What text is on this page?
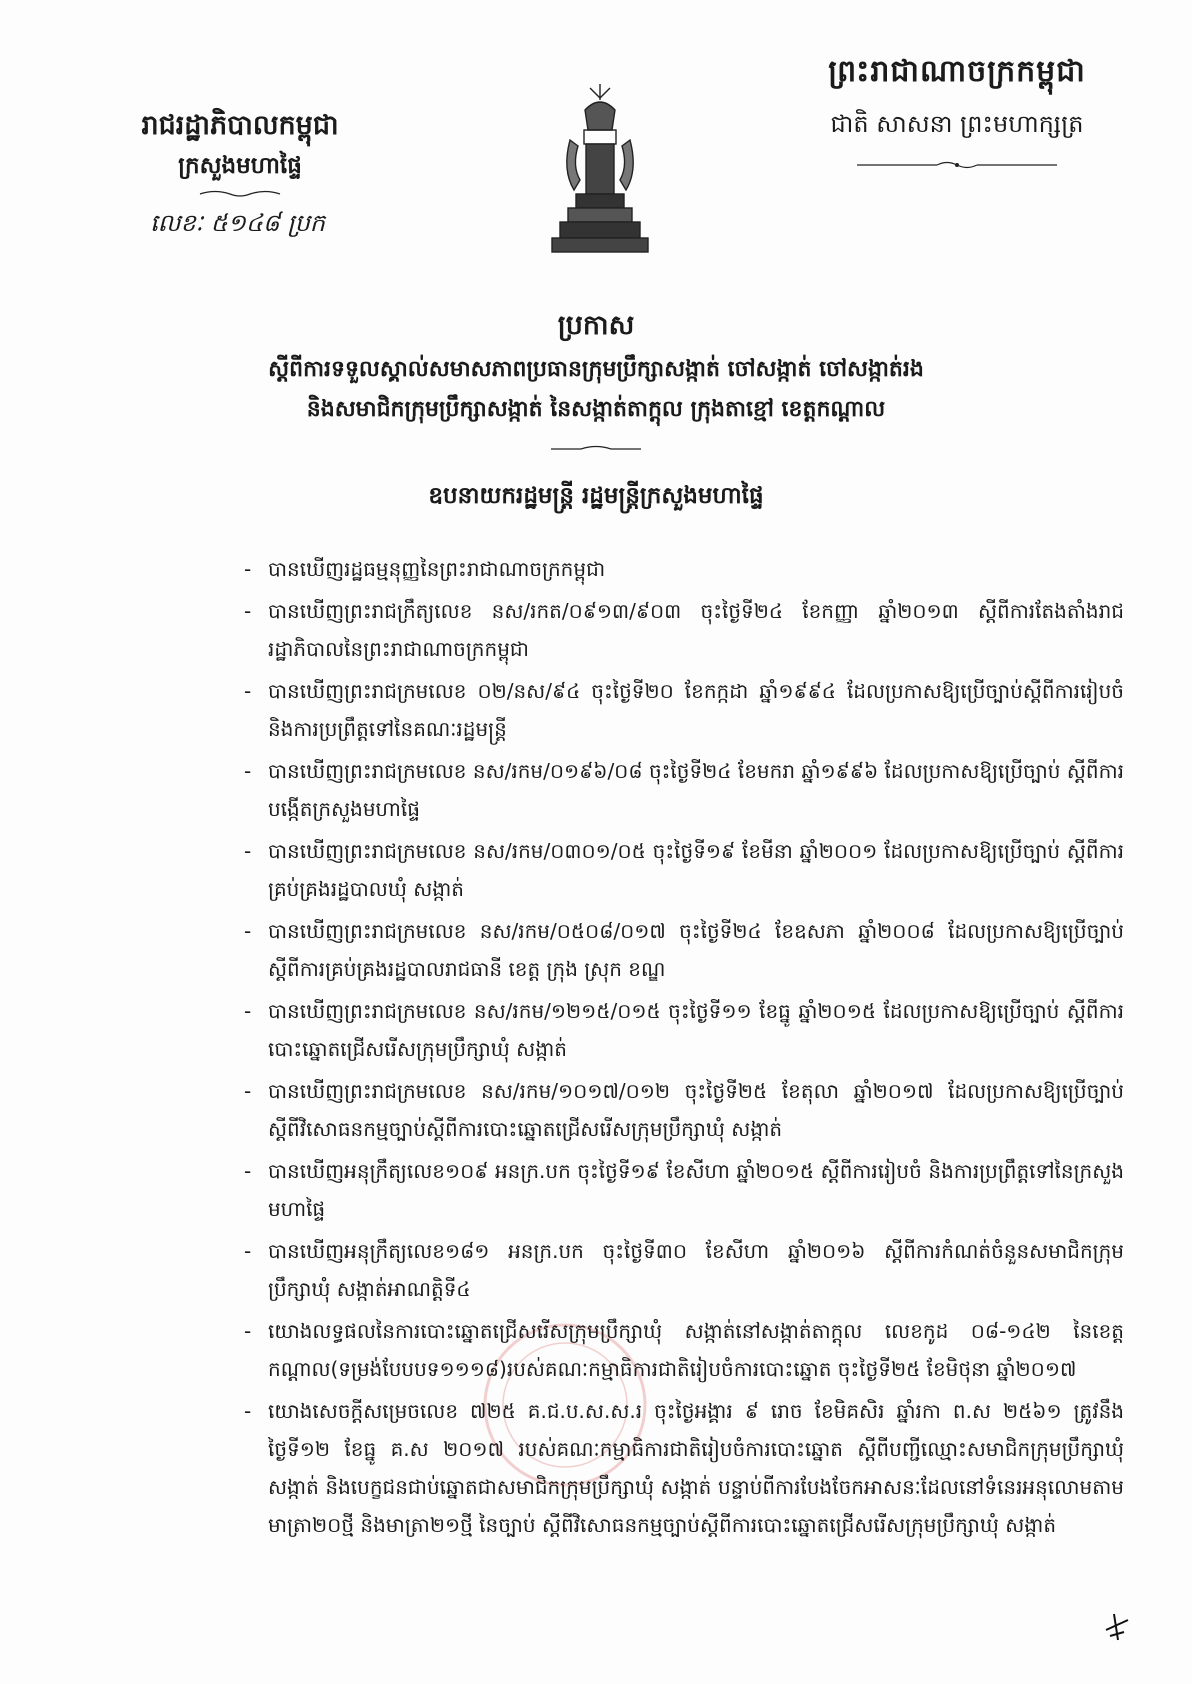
ព្រះរាជាណាចក្រកម្ពុជា
ជាតិ សាសនា ព្រះមហាក្សត្រ
រាជរដ្ឋាភិបាលកម្ពុជា
ក្រសួងមហាផ្ទៃ
លេខៈ ៥១៤៨ ប្រក
ប្រកាស
ស្តីពីការទទួលស្គាល់សមាសភាពប្រធានក្រុមប្រឹក្សាសង្កាត់ ចៅសង្កាត់ ចៅសង្កាត់រង
និងសមាជិកក្រុមប្រឹក្សាសង្កាត់ នៃសង្កាត់តាក្តុល ក្រុងតាខ្មៅ ខេត្តកណ្តាល
ឧបនាយករដ្ឋមន្ត្រី រដ្ឋមន្ត្រីក្រសួងមហាផ្ទៃ
- បានឃើញរដ្ឋធម្មនុញ្ញនៃព្រះរាជាណាចក្រកម្ពុជា
- បានឃើញព្រះរាជក្រឹត្យលេខ នស/រកត/០៩១៣/៩០៣ ចុះថ្ងៃទី២៤ ខែកញ្ញា ឆ្នាំ២០១៣ ស្តីពីការតែងតាំងរាជរដ្ឋាភិបាលនៃព្រះរាជាណាចក្រកម្ពុជា
- បានឃើញព្រះរាជក្រមលេខ ០២/នស/៩៤ ចុះថ្ងៃទី២០ ខែកក្កដា ឆ្នាំ១៩៩៤ ដែលប្រកាសឱ្យប្រើច្បាប់ស្តីពីការរៀបចំ និងការប្រព្រឹត្តទៅនៃគណៈរដ្ឋមន្ត្រី
- បានឃើញព្រះរាជក្រមលេខ នស/រកម/០១៩៦/០៨ ចុះថ្ងៃទី២៤ ខែមករា ឆ្នាំ១៩៩៦ ដែលប្រកាសឱ្យប្រើច្បាប់ ស្តីពីការបង្កើតក្រសួងមហាផ្ទៃ
- បានឃើញព្រះរាជក្រមលេខ នស/រកម/០៣០១/០៥ ចុះថ្ងៃទី១៩ ខែមីនា ឆ្នាំ២០០១ ដែលប្រកាសឱ្យប្រើច្បាប់ ស្តីពីការគ្រប់គ្រងរដ្ឋបាលឃុំ សង្កាត់
- បានឃើញព្រះរាជក្រមលេខ នស/រកម/០៥០៨/០១៧ ចុះថ្ងៃទី២៤ ខែឧសភា ឆ្នាំ២០០៨ ដែលប្រកាសឱ្យប្រើច្បាប់ ស្តីពីការគ្រប់គ្រងរដ្ឋបាលរាជធានី ខេត្ត ក្រុង ស្រុក ខណ្ឌ
- បានឃើញព្រះរាជក្រមលេខ នស/រកម/១២១៥/០១៥ ចុះថ្ងៃទី១១ ខែធ្នូ ឆ្នាំ២០១៥ ដែលប្រកាសឱ្យប្រើច្បាប់ ស្តីពីការបោះឆ្នោតជ្រើសរើសក្រុមប្រឹក្សាឃុំ សង្កាត់
- បានឃើញព្រះរាជក្រមលេខ នស/រកម/១០១៧/០១២ ចុះថ្ងៃទី២៥ ខែតុលា ឆ្នាំ២០១៧ ដែលប្រកាសឱ្យប្រើច្បាប់ ស្តីពីវិសោធនកម្មច្បាប់ស្តីពីការបោះឆ្នោតជ្រើសរើសក្រុមប្រឹក្សាឃុំ សង្កាត់
- បានឃើញអនុក្រឹត្យលេខ១០៩ អនក្រ.បក ចុះថ្ងៃទី១៩ ខែសីហា ឆ្នាំ២០១៥ ស្តីពីការរៀបចំ និងការប្រព្រឹត្តទៅនៃក្រសួងមហាផ្ទៃ
- បានឃើញអនុក្រឹត្យលេខ១៨១ អនក្រ.បក ចុះថ្ងៃទី៣០ ខែសីហា ឆ្នាំ២០១៦ ស្តីពីការកំណត់ចំនួនសមាជិកក្រុមប្រឹក្សាឃុំ សង្កាត់អាណត្តិទី៤
- យោងលទ្ធផលនៃការបោះឆ្នោតជ្រើសរើសក្រុមប្រឹក្សាឃុំ សង្កាត់នៅសង្កាត់តាក្តុល លេខកូដ ០៨-១៤២ នៃខេត្តកណ្តាល(ទម្រង់បែបបទ១១១៨)របស់គណៈកម្មាធិការជាតិរៀបចំការបោះឆ្នោត ចុះថ្ងៃទី២៥ ខែមិថុនា ឆ្នាំ២០១៧
- យោងសេចក្តីសម្រេចលេខ ៧២៥ គ.ជ.ប.ស.ស.រ ចុះថ្ងៃអង្គារ ៩ រោច ខែមិគសិរ ឆ្នាំរកា ព.ស ២៥៦១ ត្រូវនឹងថ្ងៃទី១២ ខែធ្នូ គ.ស ២០១៧ របស់គណៈកម្មាធិការជាតិរៀបចំការបោះឆ្នោត ស្តីពីបញ្ជីឈ្មោះសមាជិកក្រុមប្រឹក្សាឃុំ សង្កាត់ និងបេក្ខជនជាប់ឆ្នោតជាសមាជិកក្រុមប្រឹក្សាឃុំ សង្កាត់ បន្ទាប់ពីការបែងចែកអាសនៈដែលនៅទំនេរអនុលោមតាមមាត្រា២០ថ្មី និងមាត្រា២១ថ្មី នៃច្បាប់ ស្តីពីវិសោធនកម្មច្បាប់ស្តីពីការបោះឆ្នោតជ្រើសរើសក្រុមប្រឹក្សាឃុំ សង្កាត់
